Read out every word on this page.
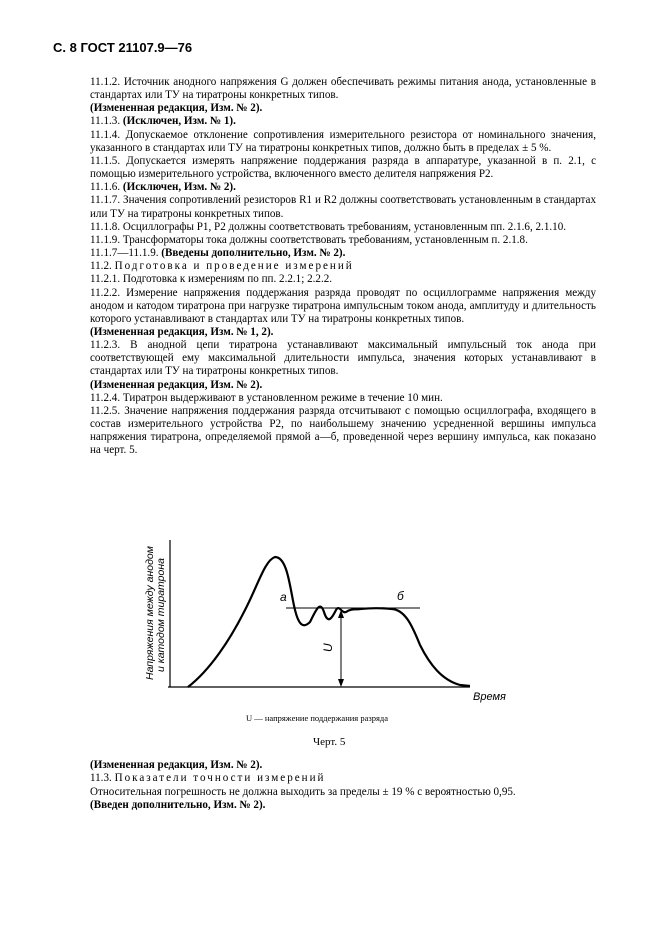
С. 8 ГОСТ 21107.9—76

11.1.2. Источник анодного напряжения G должен обеспечивать режимы питания анода, установленные в стандартах или ТУ на тиратроны конкретных типов.

(Измененная редакция, Изм. № 2).

11.1.3. (Исключен, Изм. № 1).

11.1.4. Допускаемое отклонение сопротивления измерительного резистора от номинального значения, указанного в стандартах или ТУ на тиратроны конкретных типов, должно быть в пределах ± 5 %.

11.1.5. Допускается измерять напряжение поддержания разряда в аппаратуре, указанной в п. 2.1, с помощью измерительного устройства, включенного вместо делителя напряжения P2.

11.1.6. (Исключен, Изм. № 2).

11.1.7. Значения сопротивлений резисторов R1 и R2 должны соответствовать установленным в стандартах или ТУ на тиратроны конкретных типов.

11.1.8. Осциллографы P1, P2 должны соответствовать требованиям, установленным пп. 2.1.6, 2.1.10.

11.1.9. Трансформаторы тока должны соответствовать требованиям, установленным п. 2.1.8.

11.1.7—11.1.9. (Введены дополнительно, Изм. № 2).

11.2. Подготовка и проведение измерений

11.2.1. Подготовка к измерениям по пп. 2.2.1; 2.2.2.

11.2.2. Измерение напряжения поддержания разряда проводят по осциллограмме напряжения между анодом и катодом тиратрона при нагрузке тиратрона импульсным током анода, амплитуду и длительность которого устанавливают в стандартах или ТУ на тиратроны конкретных типов.

(Измененная редакция, Изм. № 1, 2).

11.2.3. В анодной цепи тиратрона устанавливают максимальный импульсный ток анода при соответствующей ему максимальной длительности импульса, значения которых устанавливают в стандартах или ТУ на тиратроны конкретных типов.

(Измененная редакция, Изм. № 2).

11.2.4. Тиратрон выдерживают в установленном режиме в течение 10 мин.

11.2.5. Значение напряжения поддержания разряда отсчитывают с помощью осциллографа, входящего в состав измерительного устройства P2, по наибольшему значению усредненной вершины импульса напряжения тиратрона, определяемой прямой а—б, проведенной через вершину импульса, как показано на черт. 5.

Напряжения между анодом и катодом тиратрона	а	б
U
Время
U — напряжение поддержания разряда
Черт. 5

(Измененная редакция, Изм. № 2).

11.3. Показатели точности измерений

Относительная погрешность не должна выходить за пределы ± 19 % с вероятностью 0,95.

(Введен дополнительно, Изм. № 2).
